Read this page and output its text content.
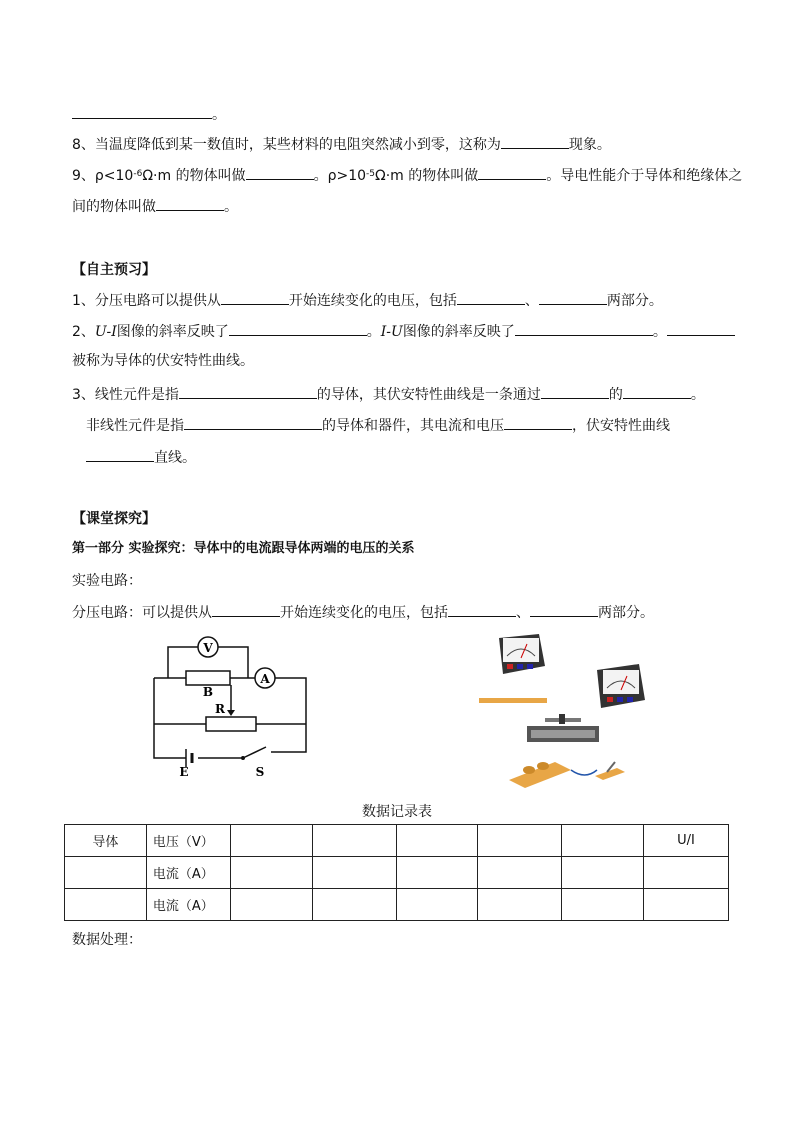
。
8、当温度降低到某一数值时，某些材料的电阻突然减小到零，这称为	现象。
9、$\rho<10^{-6}\Omega\cdot m$ 的物体叫做	。$\rho>10^{-5}\Omega\cdot m$ 的物体叫做	。导电性能介于导体和绝缘体之
间的物体叫做	。
【自主预习】
1、分压电路可以提供从	开始连续变化的电压，包括	、	两部分。
2、U-I图像的斜率反映了	。I-U图像的斜率反映了	。
被称为导体的伏安特性曲线。
3、线性元件是指	的导体，其伏安特性曲线是一条通过	的	。
非线性元件是指	的导体和器件，其电流和电压	，伏安特性曲线
直线。
【课堂探究】
第一部分 实验探究：导体中的电流跟导体两端的电压的关系
实验电路：
分压电路：可以提供从	开始连续变化的电压，包括	、	两部分。
V
A
B
R
E	S
数据记录表
导体	电压（V）						U/I
	电流（A）						
	电流（A）						
数据处理：
